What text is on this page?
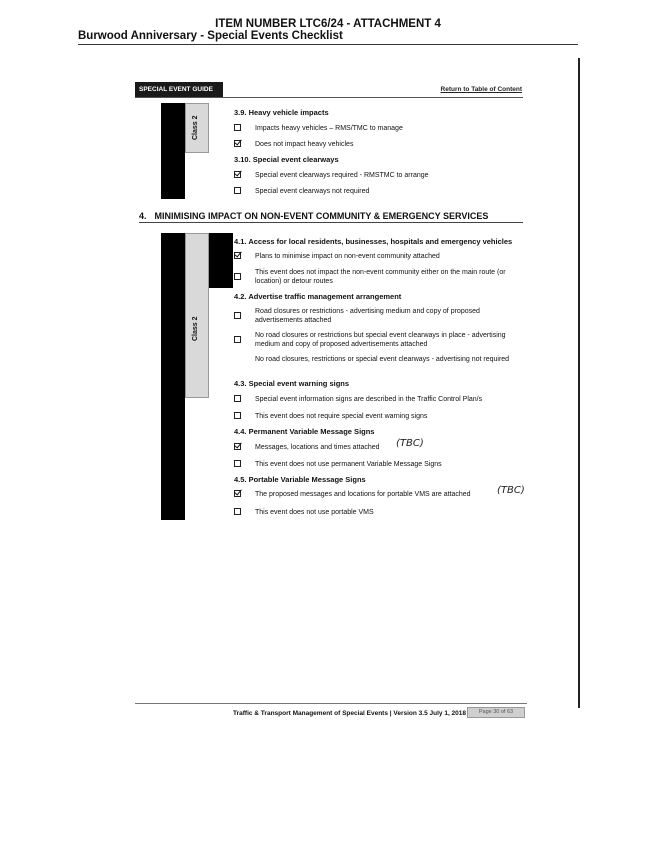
ITEM NUMBER LTC6/24 - ATTACHMENT 4
Burwood Anniversary - Special Events Checklist
SPECIAL EVENT GUIDE	Return to Table of Content
Class 2
3.9. Heavy vehicle impacts
Impacts heavy vehicles – RMS/TMC to manage
Does not impact heavy vehicles
3.10. Special event clearways
Special event clearways required - RMSTMC to arrange
Special event clearways not required
4. MINIMISING IMPACT ON NON-EVENT COMMUNITY & EMERGENCY SERVICES
Class 2
4.1. Access for local residents, businesses, hospitals and emergency vehicles
Plans to minimise impact on non-event community attached
This event does not impact the non-event community either on the main route (or location) or detour routes
4.2. Advertise traffic management arrangement
Road closures or restrictions - advertising medium and copy of proposed advertisements attached
No road closures or restrictions but special event clearways in place - advertising medium and copy of proposed advertisements attached
No road closures, restrictions or special event clearways - advertising not required
4.3. Special event warning signs
Special event information signs are described in the Traffic Control Plan/s
This event does not require special event warning signs
4.4. Permanent Variable Message Signs
Messages, locations and times attached	(TBC)
This event does not use permanent Variable Message Signs
4.5. Portable Variable Message Signs
The proposed messages and locations for portable VMS are attached	(TBC)
This event does not use portable VMS
Traffic & Transport Management of Special Events | Version 3.5 July 1, 2018	Page 30 of 63
